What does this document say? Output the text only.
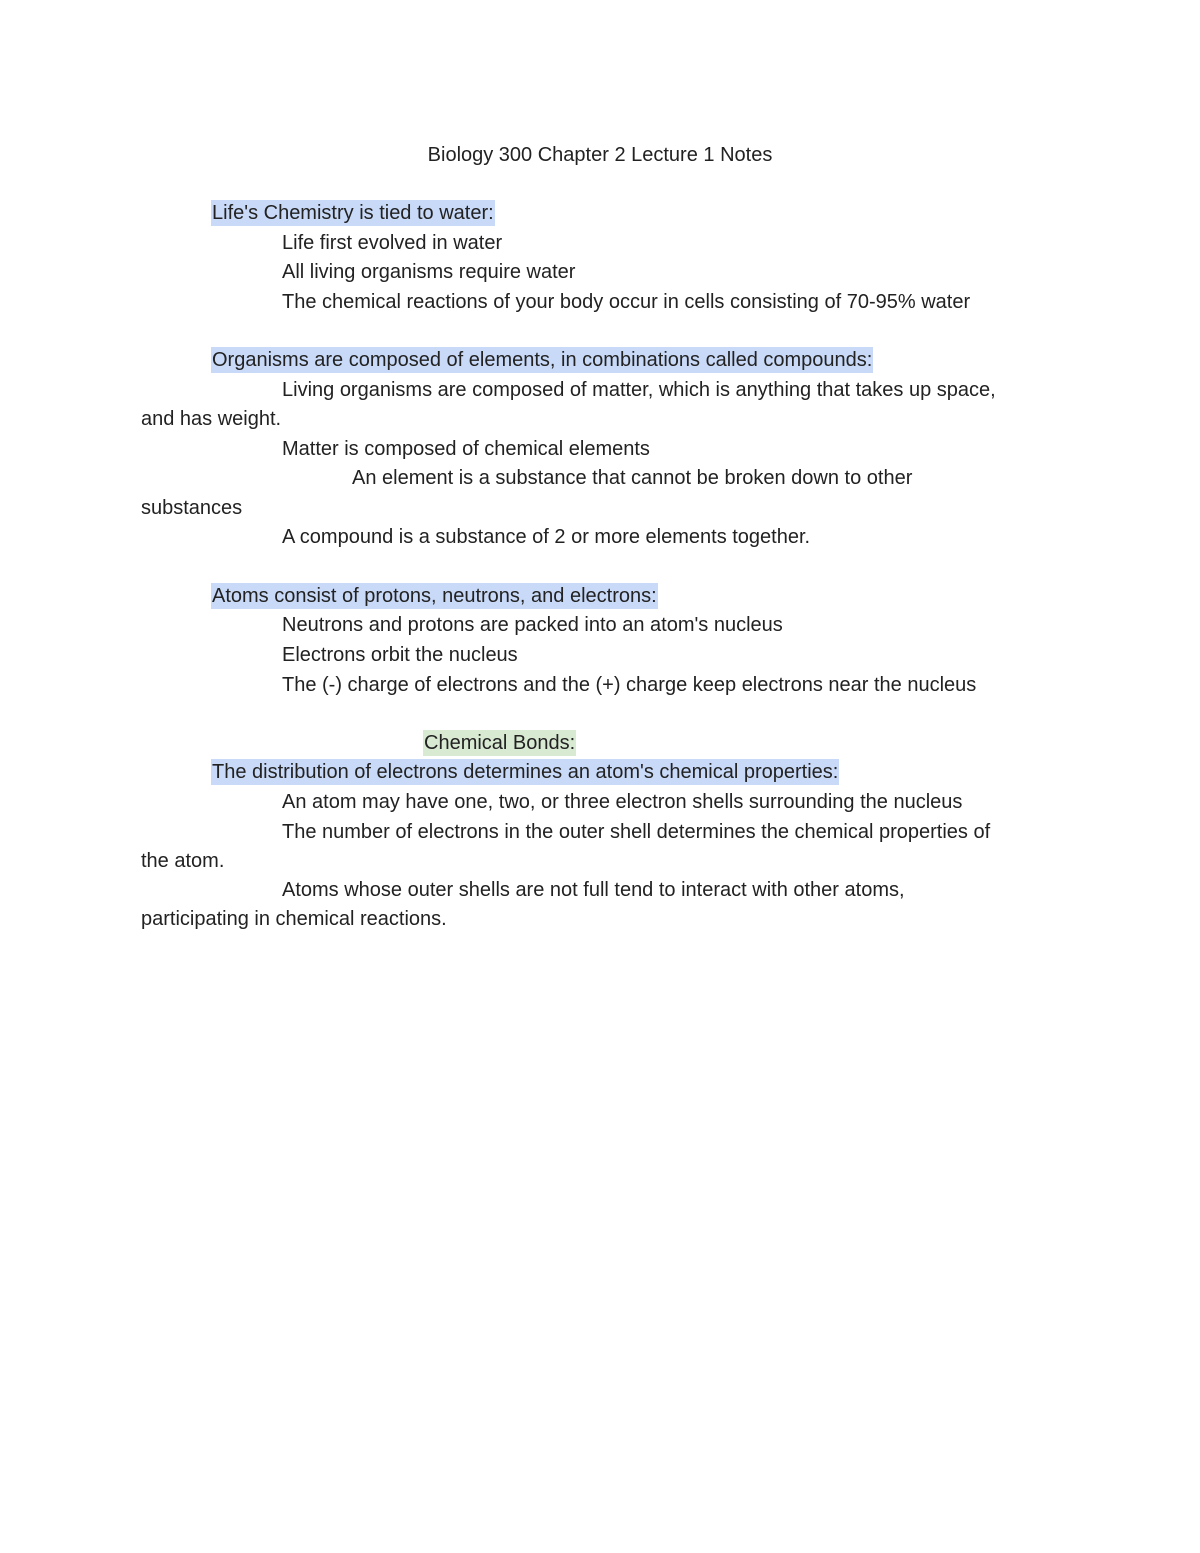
Biology 300 Chapter 2 Lecture 1 Notes
Life's Chemistry is tied to water:
Life first evolved in water
All living organisms require water
The chemical reactions of your body occur in cells consisting of 70-95% water
Organisms are composed of elements, in combinations called compounds:
Living organisms are composed of matter, which is anything that takes up space,
and has weight.
Matter is composed of chemical elements
An element is a substance that cannot be broken down to other
substances
A compound is a substance of 2 or more elements together.
Atoms consist of protons, neutrons, and electrons:
Neutrons and protons are packed into an atom's nucleus
Electrons orbit the nucleus
The (-) charge of electrons and the (+) charge keep electrons near the nucleus
Chemical Bonds:
The distribution of electrons determines an atom's chemical properties:
An atom may have one, two, or three electron shells surrounding the nucleus
The number of electrons in the outer shell determines the chemical properties of
the atom.
Atoms whose outer shells are not full tend to interact with other atoms,
participating in chemical reactions.
